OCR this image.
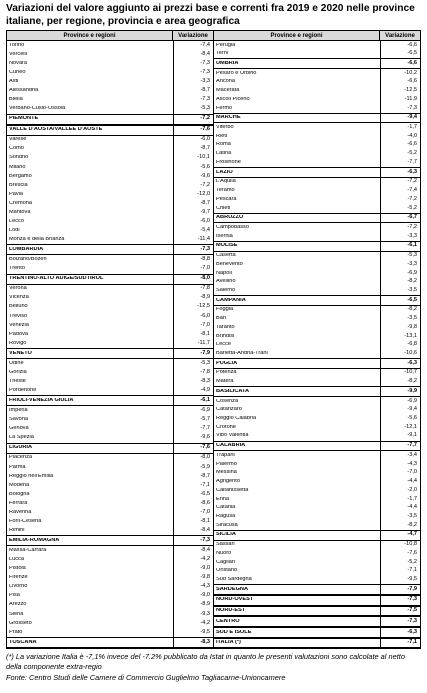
Variazioni del valore aggiunto ai prezzi base e correnti fra 2019 e 2020 nelle province italiane, per regione, provincia e area geografica
Province e regioni	Variazione
Torino	-7,4
Vercelli	-8,4
Novara	-7,3
Cuneo	-7,3
Asti	-3,3
Alessandria	-8,7
Biella	-7,3
Verbano-Cusio-Ossola	-5,3
PIEMONTE	-7,2
VALLE D'AOSTA/VALLÉE D'AOSTE	-7,6
Varese	-6,0
Como	-8,7
Sondrio	-10,1
Milano	-5,6
Bergamo	-9,6
Brescia	-7,2
Pavia	-12,0
Cremona	-8,7
Mantova	-9,7
Lecco	-6,0
Lodi	-5,4
Monza e della Brianza	-11,4
LOMBARDIA	-7,3
Bolzano/Bozen	-8,8
Trento	-7,0
TRENTINO-ALTO ADIGE/SÜDTIROL	-8,0
Verona	-7,8
Vicenza	-8,9
Belluno	-12,5
Treviso	-6,0
Venezia	-7,0
Padova	-8,1
Rovigo	-11,7
VENETO	-7,9
Udine	-5,3
Gorizia	-7,8
Trieste	-8,3
Pordenone	-4,9
FRIULI-VENEZIA GIULIA	-6,1
Imperia	-6,9
Savona	-5,7
Genova	-7,7
La Spezia	-9,6
LIGURIA	-7,6
Piacenza	-8,0
Parma	-5,9
Reggio nell'Emilia	-8,7
Modena	-7,1
Bologna	-6,5
Ferrara	-8,6
Ravenna	-7,0
Forlì-Cesena	-8,1
Rimini	-8,4
EMILIA-ROMAGNA	-7,3
Massa-Carrara	-8,4
Lucca	-4,2
Pistoia	-9,0
Firenze	-9,8
Livorno	-4,3
Pisa	-9,0
Arezzo	-8,9
Siena	-9,3
Grosseto	-4,2
Prato	-9,5
TOSCANA	-8,3
Province e regioni	Variazione
Perugia	-6,6
Terni	-6,5
UMBRIA	-6,6
Pesaro e Urbino	-10,2
Ancona	-6,6
Macerata	-12,5
Ascoli Piceno	-11,9
Fermo	-7,3
MARCHE	-9,4
Viterbo	-1,7
Rieti	-4,0
Roma	-6,6
Latina	-5,2
Frosinone	-7,7
LAZIO	-6,3
L'Aquila	-7,2
Teramo	-7,4
Pescara	-7,2
Chieti	-5,2
ABRUZZO	-6,7
Campobasso	-7,2
Isernia	-3,3
MOLISE	-6,1
Caserta	-5,3
Benevento	-3,3
Napoli	-6,9
Avellino	-8,2
Salerno	-3,5
CAMPANIA	-6,5
Foggia	-8,2
Bari	-3,5
Taranto	-9,8
Brindisi	-13,1
Lecce	-6,8
Barletta-Andria-Trani	-10,6
PUGLIA	-6,3
Potenza	-10,7
Matera	-8,2
BASILICATA	-9,9
Cosenza	-6,9
Catanzaro	-9,4
Reggio Calabria	-5,6
Crotone	-12,1
Vibo Valentia	-9,1
CALABRIA	-7,7
Trapani	-3,4
Palermo	-4,3
Messina	-7,0
Agrigento	-4,4
Caltanissetta	-2,0
Enna	-1,7
Catania	-4,4
Ragusa	-3,5
Siracusa	-8,2
SICILIA	-4,7
Sassari	-10,8
Nuoro	-7,6
Cagliari	-5,2
Oristano	-7,1
Sud Sardegna	-9,5
SARDEGNA	-7,9
NORD-OVEST	-7,3
NORD-EST	-7,5
CENTRO	-7,3
SUD E ISOLE	-6,3
ITALIA (*)	-7,1
(*) La variazione Italia è -7,1% invece del -7.2% pubblicato da Istat in quanto le presenti valutazioni sono calcolate al netto della componente extra-regio
Fonte: Centro Studi delle Camere di Commercio Guglielmo Tagliacarne-Unioncamere
